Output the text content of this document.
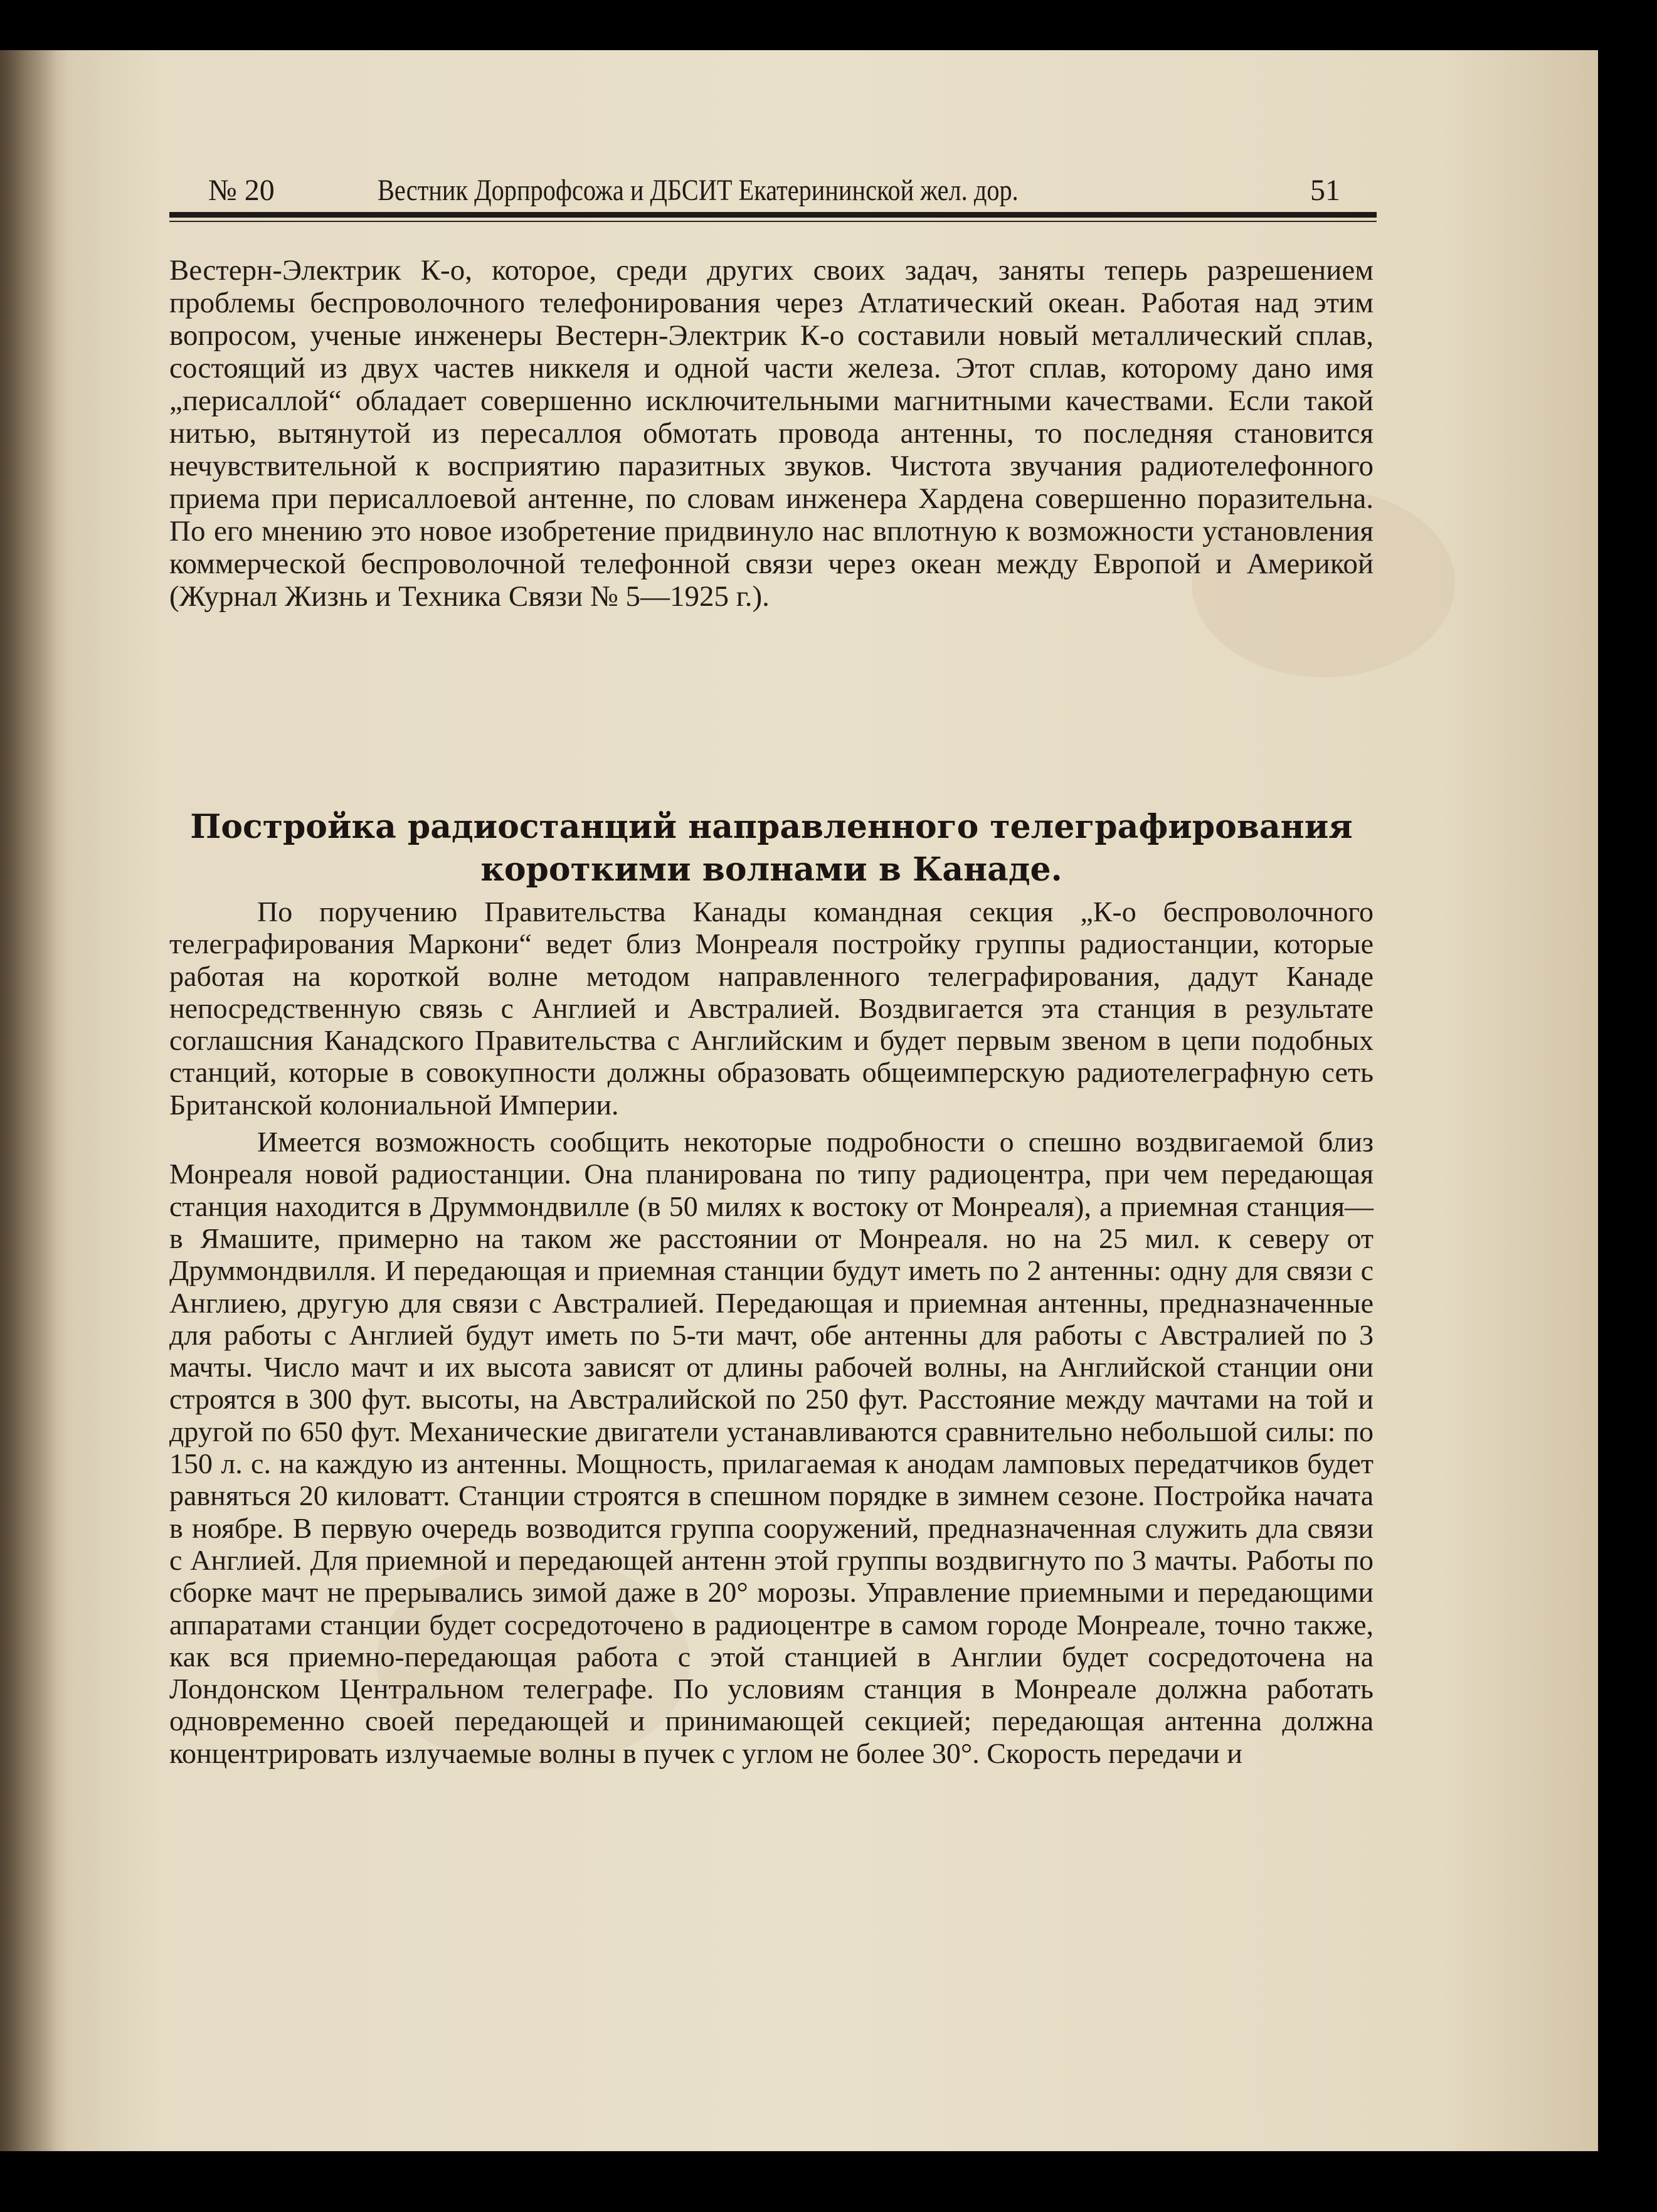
№ 20	Вестник Дорпрофсожа и ДБСИТ Екатерининской жел. дор.	51

Вестерн-Электрик К-о, которое, среди других своих задач, заняты теперь разрешением проблемы беспроволочного телефонирования через Атлатический океан. Работая над этим вопросом, ученые инженеры Вестерн-Электрик К-о составили новый металлический сплав, состоящий из двух частев никкеля и одной части железа. Этот сплав, которому дано имя „перисаллой“ обладает совершенно исключительными магнитными качествами. Если такой нитью, вытянутой из пересаллоя обмотать провода антенны, то последняя становится нечувствительной к восприятию паразитных звуков. Чистота звучания радиотелефонного приема при перисаллоевой антенне, по словам инженера Хардена совершенно поразительна. По его мнению это новое изобретение придвинуло нас вплотную к возможности установления коммерческой беспроволочной телефонной связи через океан между Европой и Америкой (Журнал Жизнь и Техника Связи № 5—1925 г.).

Постройка радиостанций направленного телеграфирования короткими волнами в Канаде.

По поручению Правительства Канады командная секция „К-о беспроволочного телеграфирования Маркони“ ведет близ Монреаля постройку группы радиостанции, которые работая на короткой волне методом направленного телеграфирования, дадут Канаде непосредственную связь с Англией и Австралией. Воздвигается эта станция в результате соглашсния Канадского Правительства с Английским и будет первым звеном в цепи подобных станций, которые в совокупности должны образовать общеимперскую радиотелеграфную сеть Британской колониальной Империи.

Имеется возможность сообщить некоторые подробности о спешно воздвигаемой близ Монреаля новой радиостанции. Она планирована по типу радиоцентра, при чем передающая станция находится в Друммондвилле (в 50 милях к востоку от Монреаля), а приемная станция—в Ямашите, примерно на таком же расстоянии от Монреаля. но на 25 мил. к северу от Друммондвилля. И передающая и приемная станции будут иметь по 2 антенны: одну для связи с Англиею, другую для связи с Австралией. Передающая и приемная антенны, предназначенные для работы с Англией будут иметь по 5-ти мачт, обе антенны для работы с Австралией по 3 мачты. Число мачт и их высота зависят от длины рабочей волны, на Английской станции они строятся в 300 фут. высоты, на Австралийской по 250 фут. Расстояние между мачтами на той и другой по 650 фут. Механические двигатели устанавливаются сравнительно небольшой силы: по 150 л. с. на каждую из антенны. Мощность, прилагаемая к анодам ламповых передатчиков будет равняться 20 киловатт. Станции строятся в спешном порядке в зимнем сезоне. Постройка начата в ноябре. В первую очередь возводится группа сооружений, предназначенная служить дла связи с Англией. Для приемной и передающей антенн этой группы воздвигнуто по 3 мачты. Работы по сборке мачт не прерывались зимой даже в 20° морозы. Управление приемными и передающими аппаратами станции будет сосредоточено в радиоцентре в самом городе Монреале, точно также, как вся приемно-передающая работа с этой станцией в Англии будет сосредоточена на Лондонском Центральном телеграфе. По условиям станция в Монреале должна работать одновременно своей передающей и принимающей секцией; передающая антенна должна концентрировать излучаемые волны в пучек с углом не более 30°. Скорость передачи и
